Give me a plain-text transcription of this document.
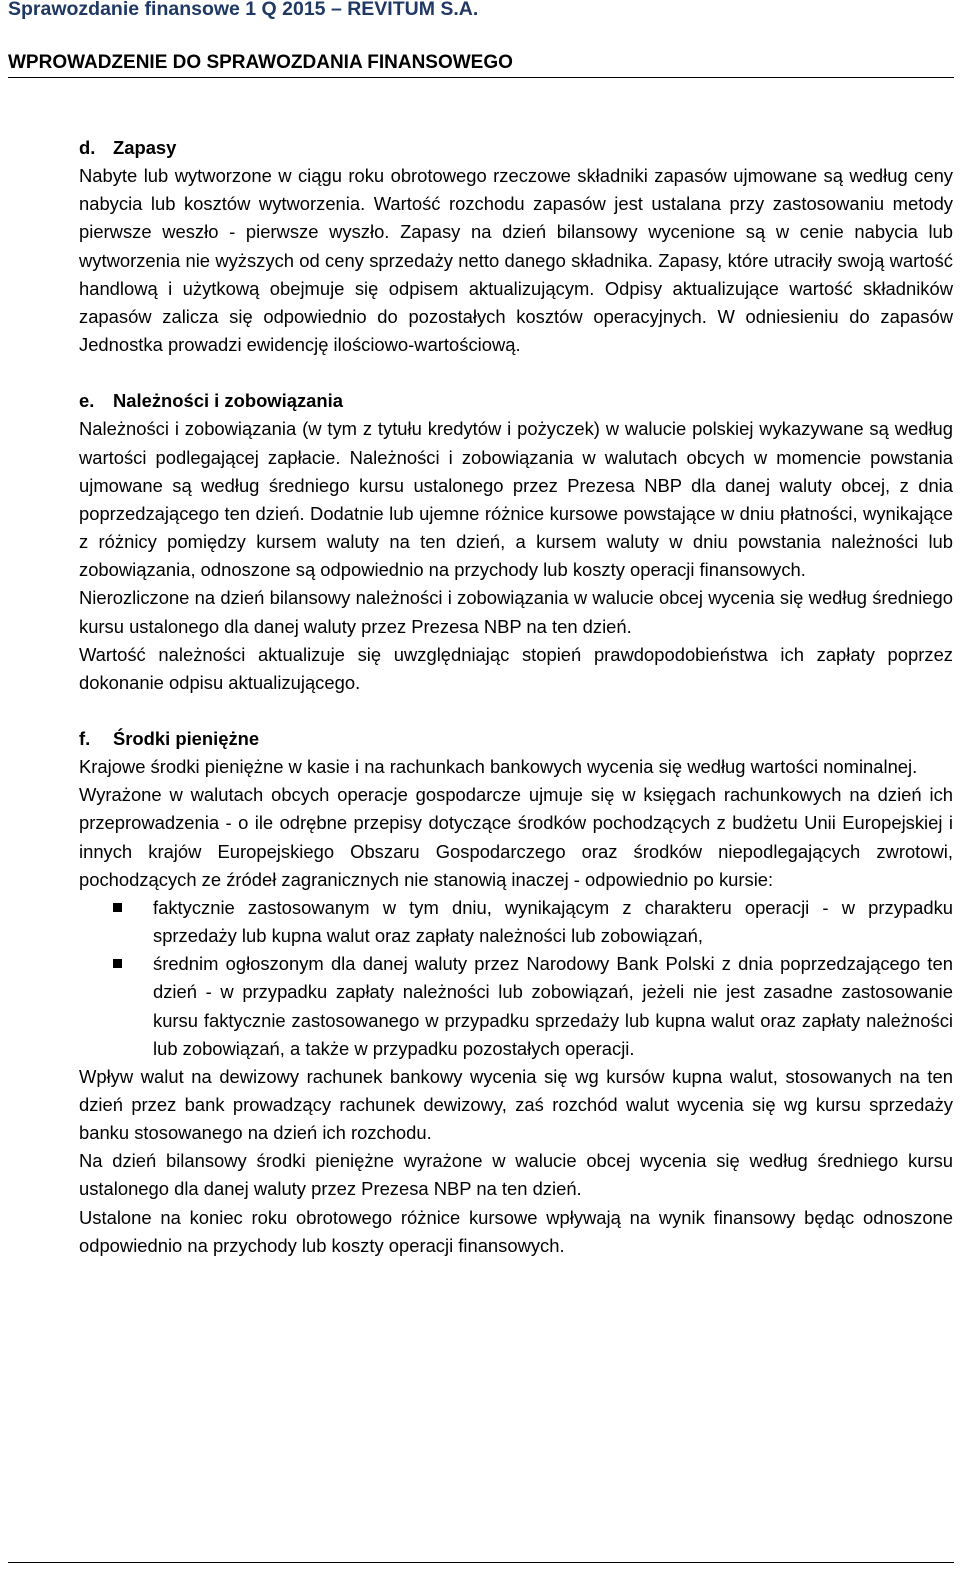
Sprawozdanie finansowe 1 Q 2015 – REVITUM S.A.
WPROWADZENIE DO SPRAWOZDANIA FINANSOWEGO

d. Zapasy

Nabyte lub wytworzone w ciągu roku obrotowego rzeczowe składniki zapasów ujmowane są według ceny nabycia lub kosztów wytworzenia. Wartość rozchodu zapasów jest ustalana przy zastosowaniu metody pierwsze weszło - pierwsze wyszło. Zapasy na dzień bilansowy wycenione są w cenie nabycia lub wytworzenia nie wyższych od ceny sprzedaży netto danego składnika. Zapasy, które utraciły swoją wartość handlową i użytkową obejmuje się odpisem aktualizującym. Odpisy aktualizujące wartość składników zapasów zalicza się odpowiednio do pozostałych kosztów operacyjnych. W odniesieniu do zapasów Jednostka prowadzi ewidencję ilościowo-wartościową.

e. Należności i zobowiązania

Należności i zobowiązania (w tym z tytułu kredytów i pożyczek) w walucie polskiej wykazywane są według wartości podlegającej zapłacie. Należności i zobowiązania w walutach obcych w momencie powstania ujmowane są według średniego kursu ustalonego przez Prezesa NBP dla danej waluty obcej, z dnia poprzedzającego ten dzień. Dodatnie lub ujemne różnice kursowe powstające w dniu płatności, wynikające z różnicy pomiędzy kursem waluty na ten dzień, a kursem waluty w dniu powstania należności lub zobowiązania, odnoszone są odpowiednio na przychody lub koszty operacji finansowych.

Nierozliczone na dzień bilansowy należności i zobowiązania w walucie obcej wycenia się według średniego kursu ustalonego dla danej waluty przez Prezesa NBP na ten dzień.

Wartość należności aktualizuje się uwzględniając stopień prawdopodobieństwa ich zapłaty poprzez dokonanie odpisu aktualizującego.

f. Środki pieniężne

Krajowe środki pieniężne w kasie i na rachunkach bankowych wycenia się według wartości nominalnej.

Wyrażone w walutach obcych operacje gospodarcze ujmuje się w księgach rachunkowych na dzień ich przeprowadzenia - o ile odrębne przepisy dotyczące środków pochodzących z budżetu Unii Europejskiej i innych krajów Europejskiego Obszaru Gospodarczego oraz środków niepodlegających zwrotowi, pochodzących ze źródeł zagranicznych nie stanowią inaczej - odpowiednio po kursie:

faktycznie zastosowanym w tym dniu, wynikającym z charakteru operacji - w przypadku sprzedaży lub kupna walut oraz zapłaty należności lub zobowiązań,
średnim ogłoszonym dla danej waluty przez Narodowy Bank Polski z dnia poprzedzającego ten dzień - w przypadku zapłaty należności lub zobowiązań, jeżeli nie jest zasadne zastosowanie kursu faktycznie zastosowanego w przypadku sprzedaży lub kupna walut oraz zapłaty należności lub zobowiązań, a także w przypadku pozostałych operacji.

Wpływ walut na dewizowy rachunek bankowy wycenia się wg kursów kupna walut, stosowanych na ten dzień przez bank prowadzący rachunek dewizowy, zaś rozchód walut wycenia się wg kursu sprzedaży banku stosowanego na dzień ich rozchodu.

Na dzień bilansowy środki pieniężne wyrażone w walucie obcej wycenia się według średniego kursu ustalonego dla danej waluty przez Prezesa NBP na ten dzień.

Ustalone na koniec roku obrotowego różnice kursowe wpływają na wynik finansowy będąc odnoszone odpowiednio na przychody lub koszty operacji finansowych.
